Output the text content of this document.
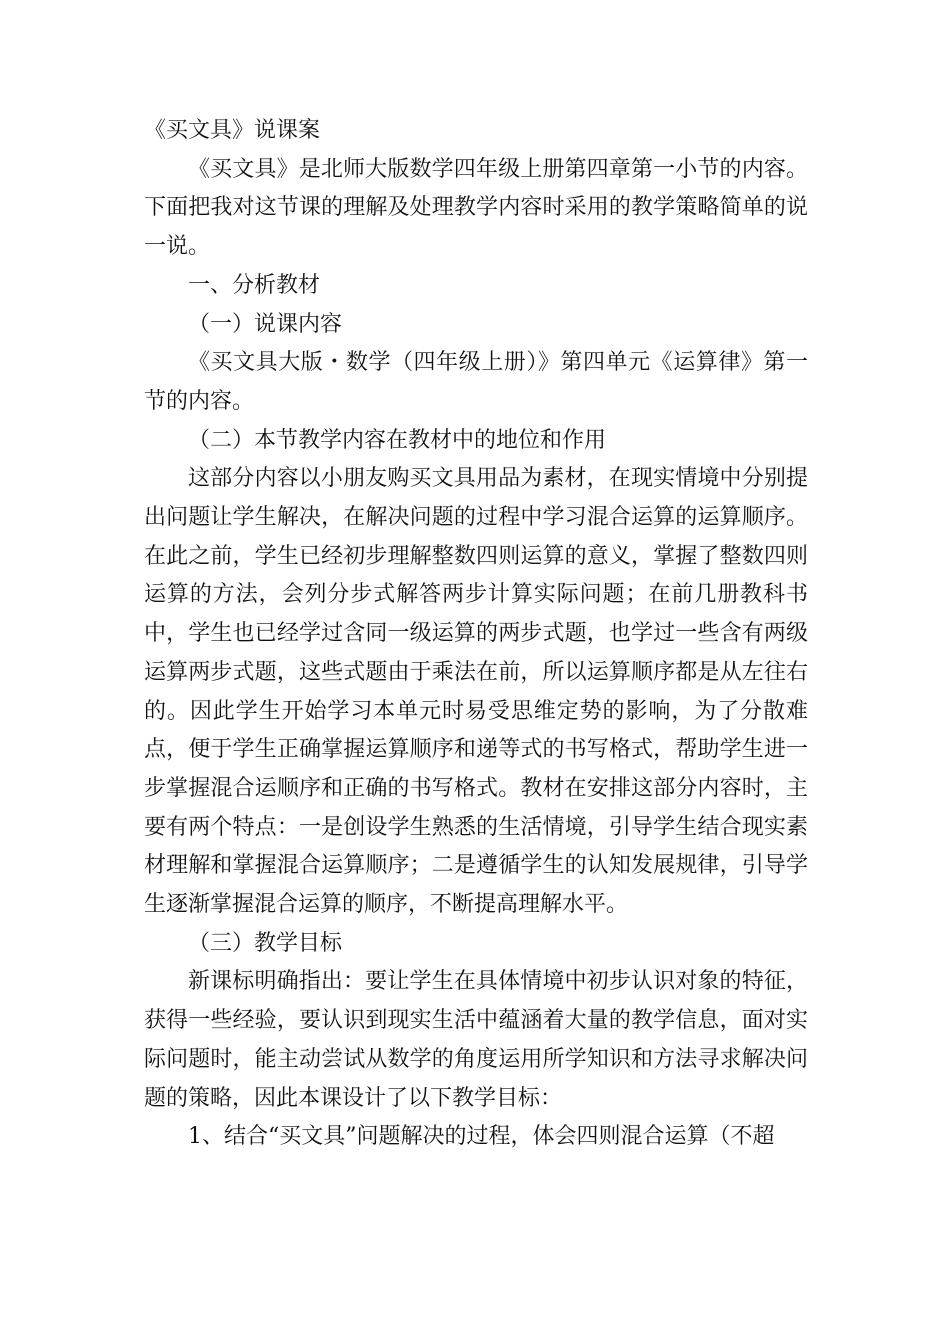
《买文具》说课案

《买文具》是北师大版数学四年级上册第四章第一小节的内容。下面把我对这节课的理解及处理教学内容时采用的教学策略简单的说一说。

一、分析教材

（一）说课内容

《买文具大版・数学（四年级上册）》第四单元《运算律》第一节的内容。

（二）本节教学内容在教材中的地位和作用

这部分内容以小朋友购买文具用品为素材，在现实情境中分别提出问题让学生解决，在解决问题的过程中学习混合运算的运算顺序。在此之前，学生已经初步理解整数四则运算的意义，掌握了整数四则运算的方法，会列分步式解答两步计算实际问题；在前几册教科书中，学生也已经学过含同一级运算的两步式题，也学过一些含有两级运算两步式题，这些式题由于乘法在前，所以运算顺序都是从左往右的。因此学生开始学习本单元时易受思维定势的影响，为了分散难点，便于学生正确掌握运算顺序和递等式的书写格式，帮助学生进一步掌握混合运顺序和正确的书写格式。教材在安排这部分内容时，主要有两个特点：一是创设学生熟悉的生活情境，引导学生结合现实素材理解和掌握混合运算顺序；二是遵循学生的认知发展规律，引导学生逐渐掌握混合运算的顺序，不断提高理解水平。

（三）教学目标

新课标明确指出：要让学生在具体情境中初步认识对象的特征，获得一些经验，要认识到现实生活中蕴涵着大量的教学信息，面对实际问题时，能主动尝试从数学的角度运用所学知识和方法寻求解决问题的策略，因此本课设计了以下教学目标：

1、结合“买文具”问题解决的过程，体会四则混合运算（不超
